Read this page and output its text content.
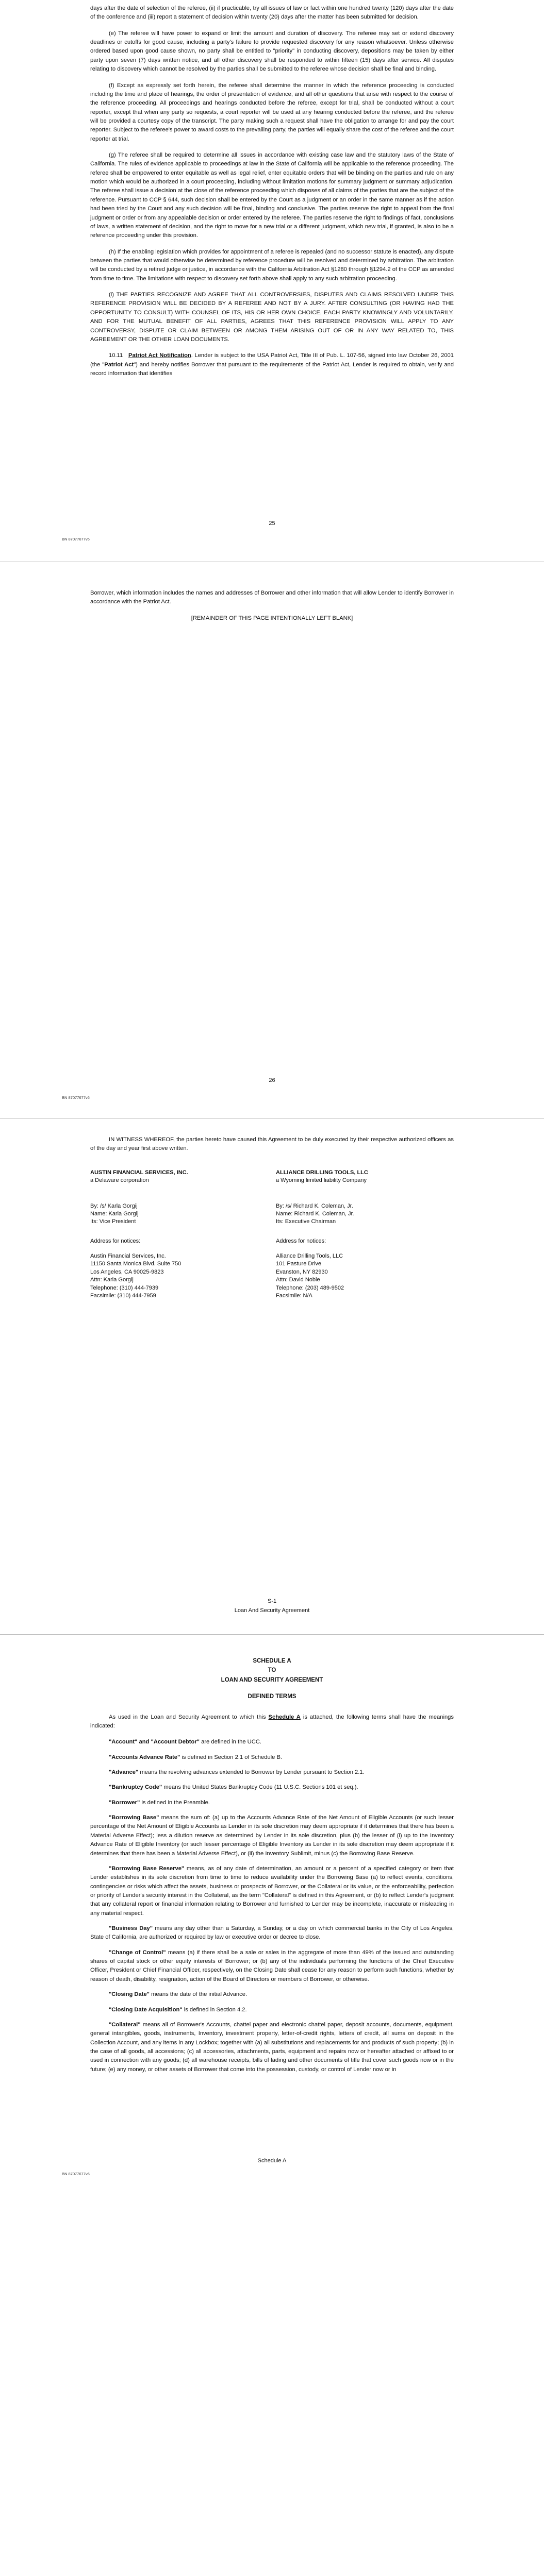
days after the date of selection of the referee, (ii) if practicable, try all issues of law or fact within one hundred twenty (120) days after the date of the conference and (iii) report a statement of decision within twenty (20) days after the matter has been submitted for decision.

(e) The referee will have power to expand or limit the amount and duration of discovery. The referee may set or extend discovery deadlines or cutoffs for good cause, including a party's failure to provide requested discovery for any reason whatsoever. Unless otherwise ordered based upon good cause shown, no party shall be entitled to "priority" in conducting discovery, depositions may be taken by either party upon seven (7) days written notice, and all other discovery shall be responded to within fifteen (15) days after service. All disputes relating to discovery which cannot be resolved by the parties shall be submitted to the referee whose decision shall be final and binding.

(f) Except as expressly set forth herein, the referee shall determine the manner in which the reference proceeding is conducted including the time and place of hearings, the order of presentation of evidence, and all other questions that arise with respect to the course of the reference proceeding. All proceedings and hearings conducted before the referee, except for trial, shall be conducted without a court reporter, except that when any party so requests, a court reporter will be used at any hearing conducted before the referee, and the referee will be provided a courtesy copy of the transcript. The party making such a request shall have the obligation to arrange for and pay the court reporter. Subject to the referee's power to award costs to the prevailing party, the parties will equally share the cost of the referee and the court reporter at trial.

(g) The referee shall be required to determine all issues in accordance with existing case law and the statutory laws of the State of California. The rules of evidence applicable to proceedings at law in the State of California will be applicable to the reference proceeding. The referee shall be empowered to enter equitable as well as legal relief, enter equitable orders that will be binding on the parties and rule on any motion which would be authorized in a court proceeding, including without limitation motions for summary judgment or summary adjudication. The referee shall issue a decision at the close of the reference proceeding which disposes of all claims of the parties that are the subject of the reference. Pursuant to CCP § 644, such decision shall be entered by the Court as a judgment or an order in the same manner as if the action had been tried by the Court and any such decision will be final, binding and conclusive. The parties reserve the right to appeal from the final judgment or order or from any appealable decision or order entered by the referee. The parties reserve the right to findings of fact, conclusions of laws, a written statement of decision, and the right to move for a new trial or a different judgment, which new trial, if granted, is also to be a reference proceeding under this provision.

(h) If the enabling legislation which provides for appointment of a referee is repealed (and no successor statute is enacted), any dispute between the parties that would otherwise be determined by reference procedure will be resolved and determined by arbitration. The arbitration will be conducted by a retired judge or justice, in accordance with the California Arbitration Act §1280 through §1294.2 of the CCP as amended from time to time. The limitations with respect to discovery set forth above shall apply to any such arbitration proceeding.

(i) THE PARTIES RECOGNIZE AND AGREE THAT ALL CONTROVERSIES, DISPUTES AND CLAIMS RESOLVED UNDER THIS REFERENCE PROVISION WILL BE DECIDED BY A REFEREE AND NOT BY A JURY. AFTER CONSULTING (OR HAVING HAD THE OPPORTUNITY TO CONSULT) WITH COUNSEL OF ITS, HIS OR HER OWN CHOICE, EACH PARTY KNOWINGLY AND VOLUNTARILY, AND FOR THE MUTUAL BENEFIT OF ALL PARTIES, AGREES THAT THIS REFERENCE PROVISION WILL APPLY TO ANY CONTROVERSY, DISPUTE OR CLAIM BETWEEN OR AMONG THEM ARISING OUT OF OR IN ANY WAY RELATED TO, THIS AGREEMENT OR THE OTHER LOAN DOCUMENTS.

10.11 Patriot Act Notification. Lender is subject to the USA Patriot Act, Title III of Pub. L. 107-56, signed into law October 26, 2001 (the "Patriot Act") and hereby notifies Borrower that pursuant to the requirements of the Patriot Act, Lender is required to obtain, verify and record information that identifies

25
BN 87077677v6

Borrower, which information includes the names and addresses of Borrower and other information that will allow Lender to identify Borrower in accordance with the Patriot Act.

[REMAINDER OF THIS PAGE INTENTIONALLY LEFT BLANK]

26
BN 87077677v6

IN WITNESS WHEREOF, the parties hereto have caused this Agreement to be duly executed by their respective authorized officers as of the day and year first above written.

AUSTIN FINANCIAL SERVICES, INC.
a Delaware corporation
By: /s/ Karla Gorgij
Name: Karla Gorgij
Its: Vice President
Address for notices:
Austin Financial Services, Inc.
11150 Santa Monica Blvd. Suite 750
Los Angeles, CA 90025-9823
Attn: Karla Gorgij
Telephone: (310) 444-7939
Facsimile: (310) 444-7959
ALLIANCE DRILLING TOOLS, LLC
a Wyoming limited liability Company
By: /s/ Richard K. Coleman, Jr.
Name: Richard K. Coleman, Jr.
Its: Executive Chairman
Address for notices:
Alliance Drilling Tools, LLC
101 Pasture Drive
Evanston, NY 82930
Attn: David Noble
Telephone: (203) 489-9502
Facsimile: N/A
S-1
Loan And Security Agreement
SCHEDULE A
TO
LOAN AND SECURITY AGREEMENT
DEFINED TERMS

As used in the Loan and Security Agreement to which this Schedule A is attached, the following terms shall have the meanings indicated:

"Account" and "Account Debtor" are defined in the UCC.

"Accounts Advance Rate" is defined in Section 2.1 of Schedule B.

"Advance" means the revolving advances extended to Borrower by Lender pursuant to Section 2.1.

"Bankruptcy Code" means the United States Bankruptcy Code (11 U.S.C. Sections 101 et seq.).

"Borrower" is defined in the Preamble.

"Borrowing Base" means the sum of: (a) up to the Accounts Advance Rate of the Net Amount of Eligible Accounts (or such lesser percentage of the Net Amount of Eligible Accounts as Lender in its sole discretion may deem appropriate if it determines that there has been a Material Adverse Effect); less a dilution reserve as determined by Lender in its sole discretion, plus (b) the lesser of (i) up to the Inventory Advance Rate of Eligible Inventory (or such lesser percentage of Eligible Inventory as Lender in its sole discretion may deem appropriate if it determines that there has been a Material Adverse Effect), or (ii) the Inventory Sublimit, minus (c) the Borrowing Base Reserve.

"Borrowing Base Reserve" means, as of any date of determination, an amount or a percent of a specified category or item that Lender establishes in its sole discretion from time to time to reduce availability under the Borrowing Base (a) to reflect events, conditions, contingencies or risks which affect the assets, business or prospects of Borrower, or the Collateral or its value, or the enforceability, perfection or priority of Lender's security interest in the Collateral, as the term "Collateral" is defined in this Agreement, or (b) to reflect Lender's judgment that any collateral report or financial information relating to Borrower and furnished to Lender may be incomplete, inaccurate or misleading in any material respect.

"Business Day" means any day other than a Saturday, a Sunday, or a day on which commercial banks in the City of Los Angeles, State of California, are authorized or required by law or executive order or decree to close.

"Change of Control" means (a) if there shall be a sale or sales in the aggregate of more than 49% of the issued and outstanding shares of capital stock or other equity interests of Borrower; or (b) any of the individuals performing the functions of the Chief Executive Officer, President or Chief Financial Officer, respectively, on the Closing Date shall cease for any reason to perform such functions, whether by reason of death, disability, resignation, action of the Board of Directors or members of Borrower, or otherwise.

"Closing Date" means the date of the initial Advance.

"Closing Date Acquisition" is defined in Section 4.2.

"Collateral" means all of Borrower's Accounts, chattel paper and electronic chattel paper, deposit accounts, documents, equipment, general intangibles, goods, instruments, Inventory, investment property, letter-of-credit rights, letters of credit, all sums on deposit in the Collection Account, and any items in any Lockbox; together with (a) all substitutions and replacements for and products of such property; (b) in the case of all goods, all accessions; (c) all accessories, attachments, parts, equipment and repairs now or hereafter attached or affixed to or used in connection with any goods; (d) all warehouse receipts, bills of lading and other documents of title that cover such goods now or in the future; (e) any money, or other assets of Borrower that come into the possession, custody, or control of Lender now or in

Schedule A
BN 87077677v6
